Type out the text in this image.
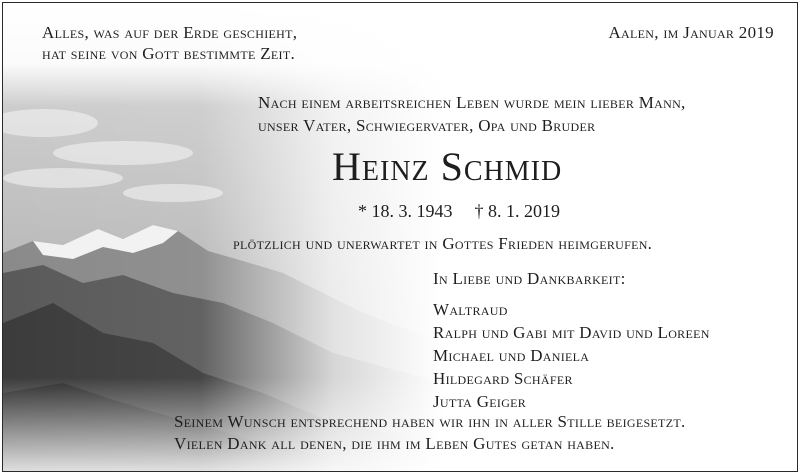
Alles, was auf der Erde geschieht,
hat seine von Gott bestimmte Zeit.
Aalen, im Januar 2019
Nach einem arbeitsreichen Leben wurde mein lieber Mann,
unser Vater, Schwiegervater, Opa und Bruder
Heinz Schmid
* 18. 3. 1943 † 8. 1. 2019
plötzlich und unerwartet in Gottes Frieden heimgerufen.
In Liebe und Dankbarkeit:
Waltraud
Ralph und Gabi mit David und Loreen
Michael und Daniela
Hildegard Schäfer
Jutta Geiger
Seinem Wunsch entsprechend haben wir ihn in aller Stille beigesetzt.
Vielen Dank all denen, die ihm im Leben Gutes getan haben.
